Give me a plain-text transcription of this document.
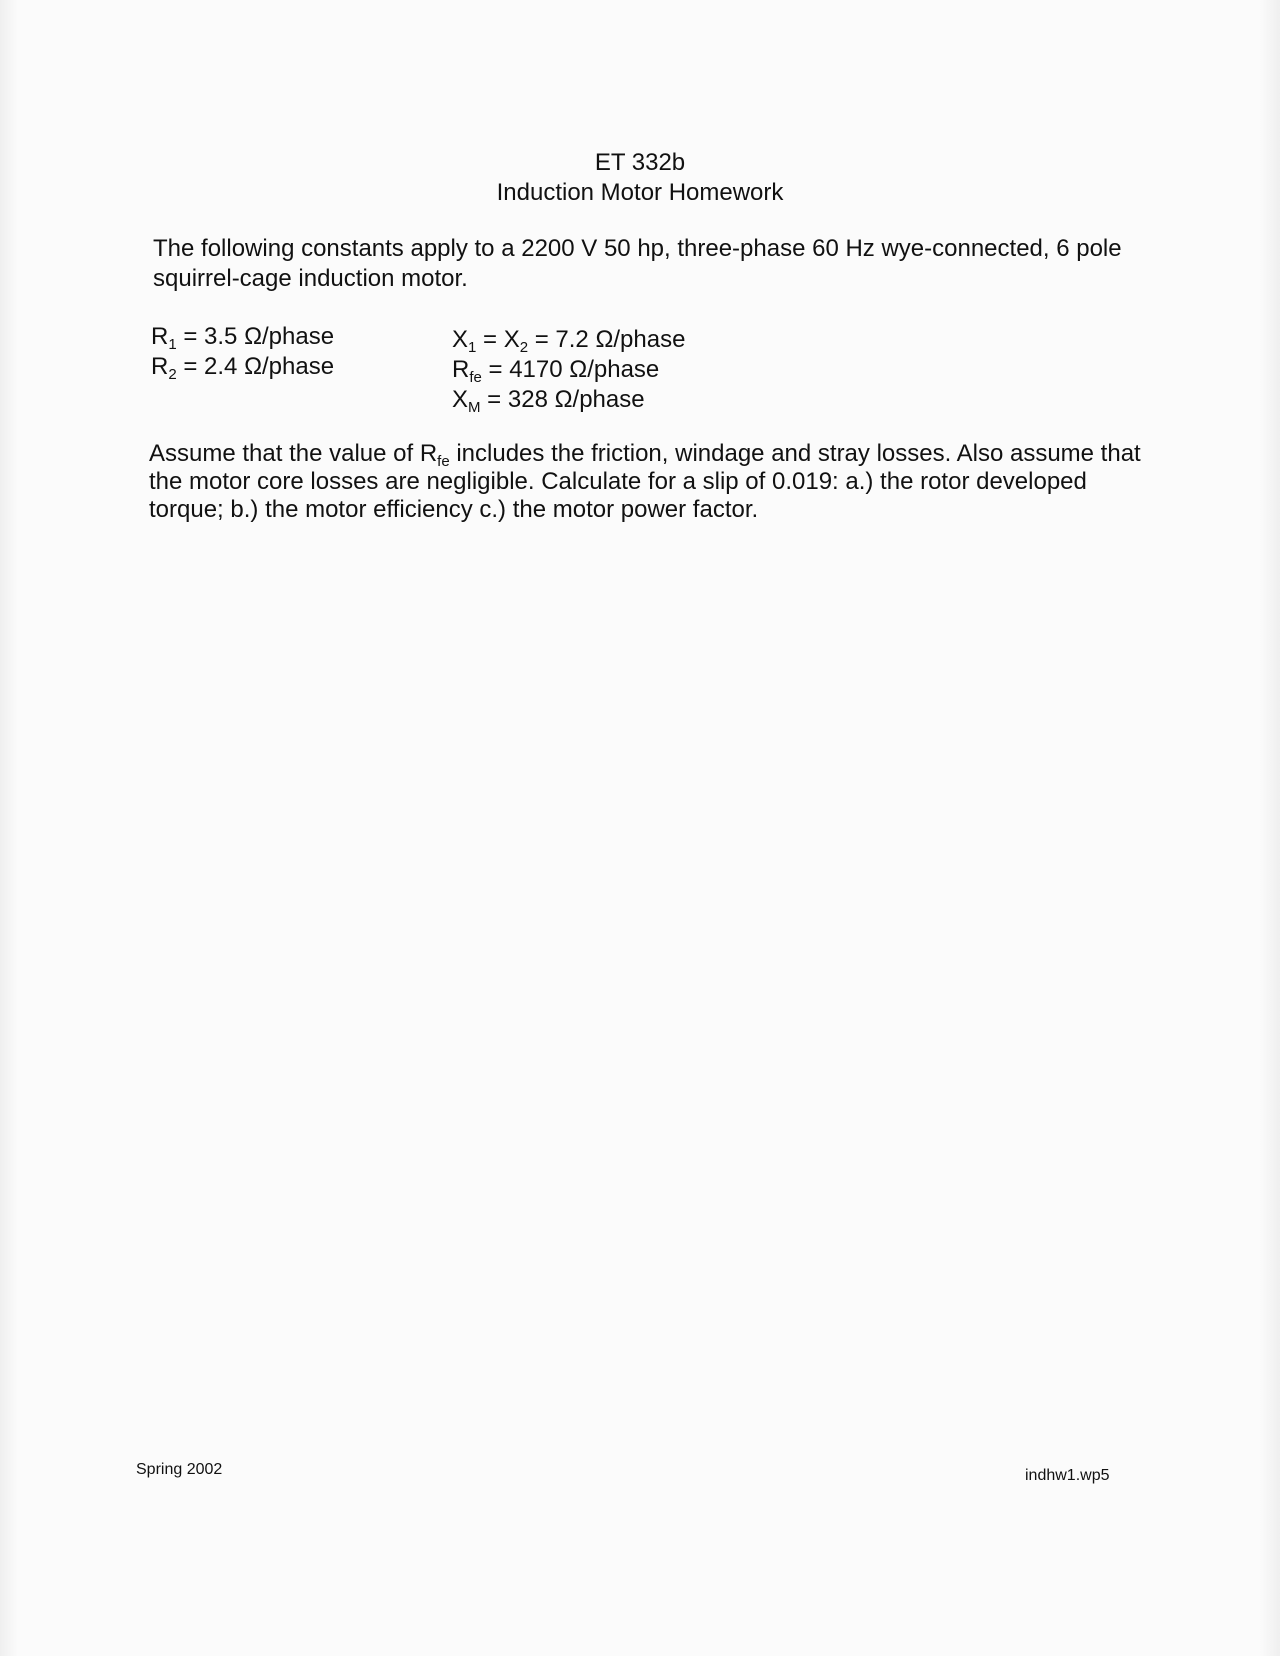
ET 332b
Induction Motor Homework
The following constants apply to a 2200 V 50 hp, three-phase 60 Hz wye-connected, 6 pole squirrel-cage induction motor.
$R_1 = 3.5$ Ω/phase
$R_2 = 2.4$ Ω/phase
$X_1 = X_2 = 7.2$ Ω/phase
$R_{fe} = 4170$ Ω/phase
$X_M = 328$ Ω/phase
Assume that the value of $R_{fe}$ includes the friction, windage and stray losses. Also assume that the motor core losses are negligible. Calculate for a slip of 0.019: a.) the rotor developed torque; b.) the motor efficiency c.) the motor power factor.
Spring 2002	indhw1.wp5
